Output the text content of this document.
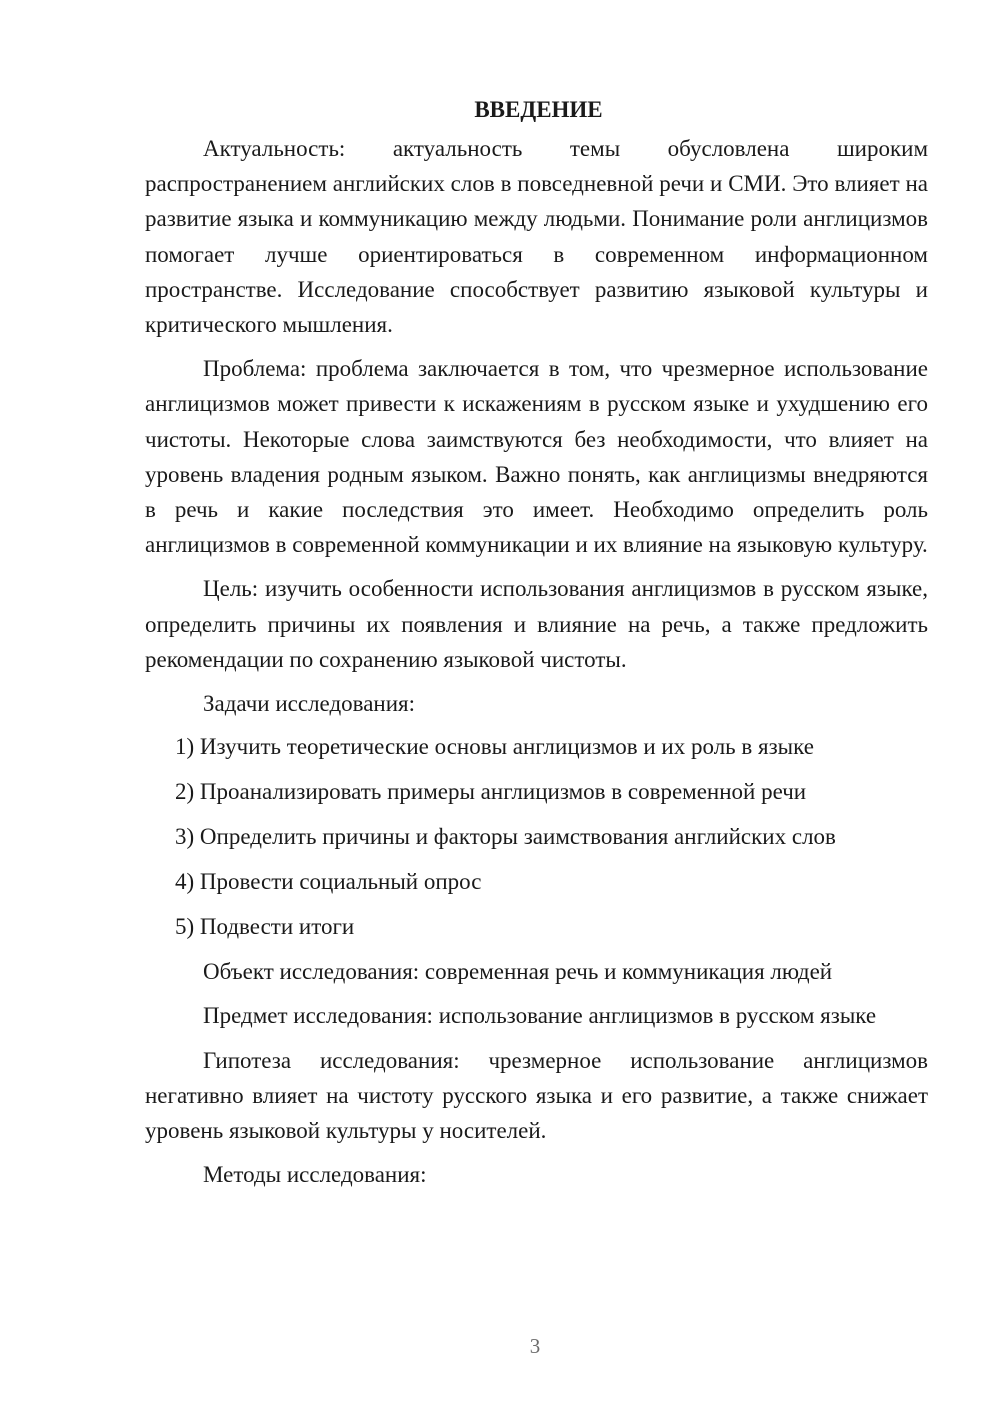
ВВЕДЕНИЕ

Актуальность: актуальность темы обусловлена широким распространением английских слов в повседневной речи и СМИ. Это влияет на развитие языка и коммуникацию между людьми. Понимание роли англицизмов помогает лучше ориентироваться в современном информационном пространстве. Исследование способствует развитию языковой культуры и критического мышления.

Проблема: проблема заключается в том, что чрезмерное использование англицизмов может привести к искажениям в русском языке и ухудшению его чистоты. Некоторые слова заимствуются без необходимости, что влияет на уровень владения родным языком. Важно понять, как англицизмы внедряются в речь и какие последствия это имеет. Необходимо определить роль англицизмов в современной коммуникации и их влияние на языковую культуру.

Цель: изучить особенности использования англицизмов в русском языке, определить причины их появления и влияние на речь, а также предложить рекомендации по сохранению языковой чистоты.

Задачи исследования:

1) Изучить теоретические основы англицизмов и их роль в языке
2) Проанализировать примеры англицизмов в современной речи
3) Определить причины и факторы заимствования английских слов
4) Провести социальный опрос
5) Подвести итоги

Объект исследования: современная речь и коммуникация людей

Предмет исследования: использование англицизмов в русском языке

Гипотеза исследования: чрезмерное использование англицизмов негативно влияет на чистоту русского языка и его развитие, а также снижает уровень языковой культуры у носителей.

Методы исследования:

3
